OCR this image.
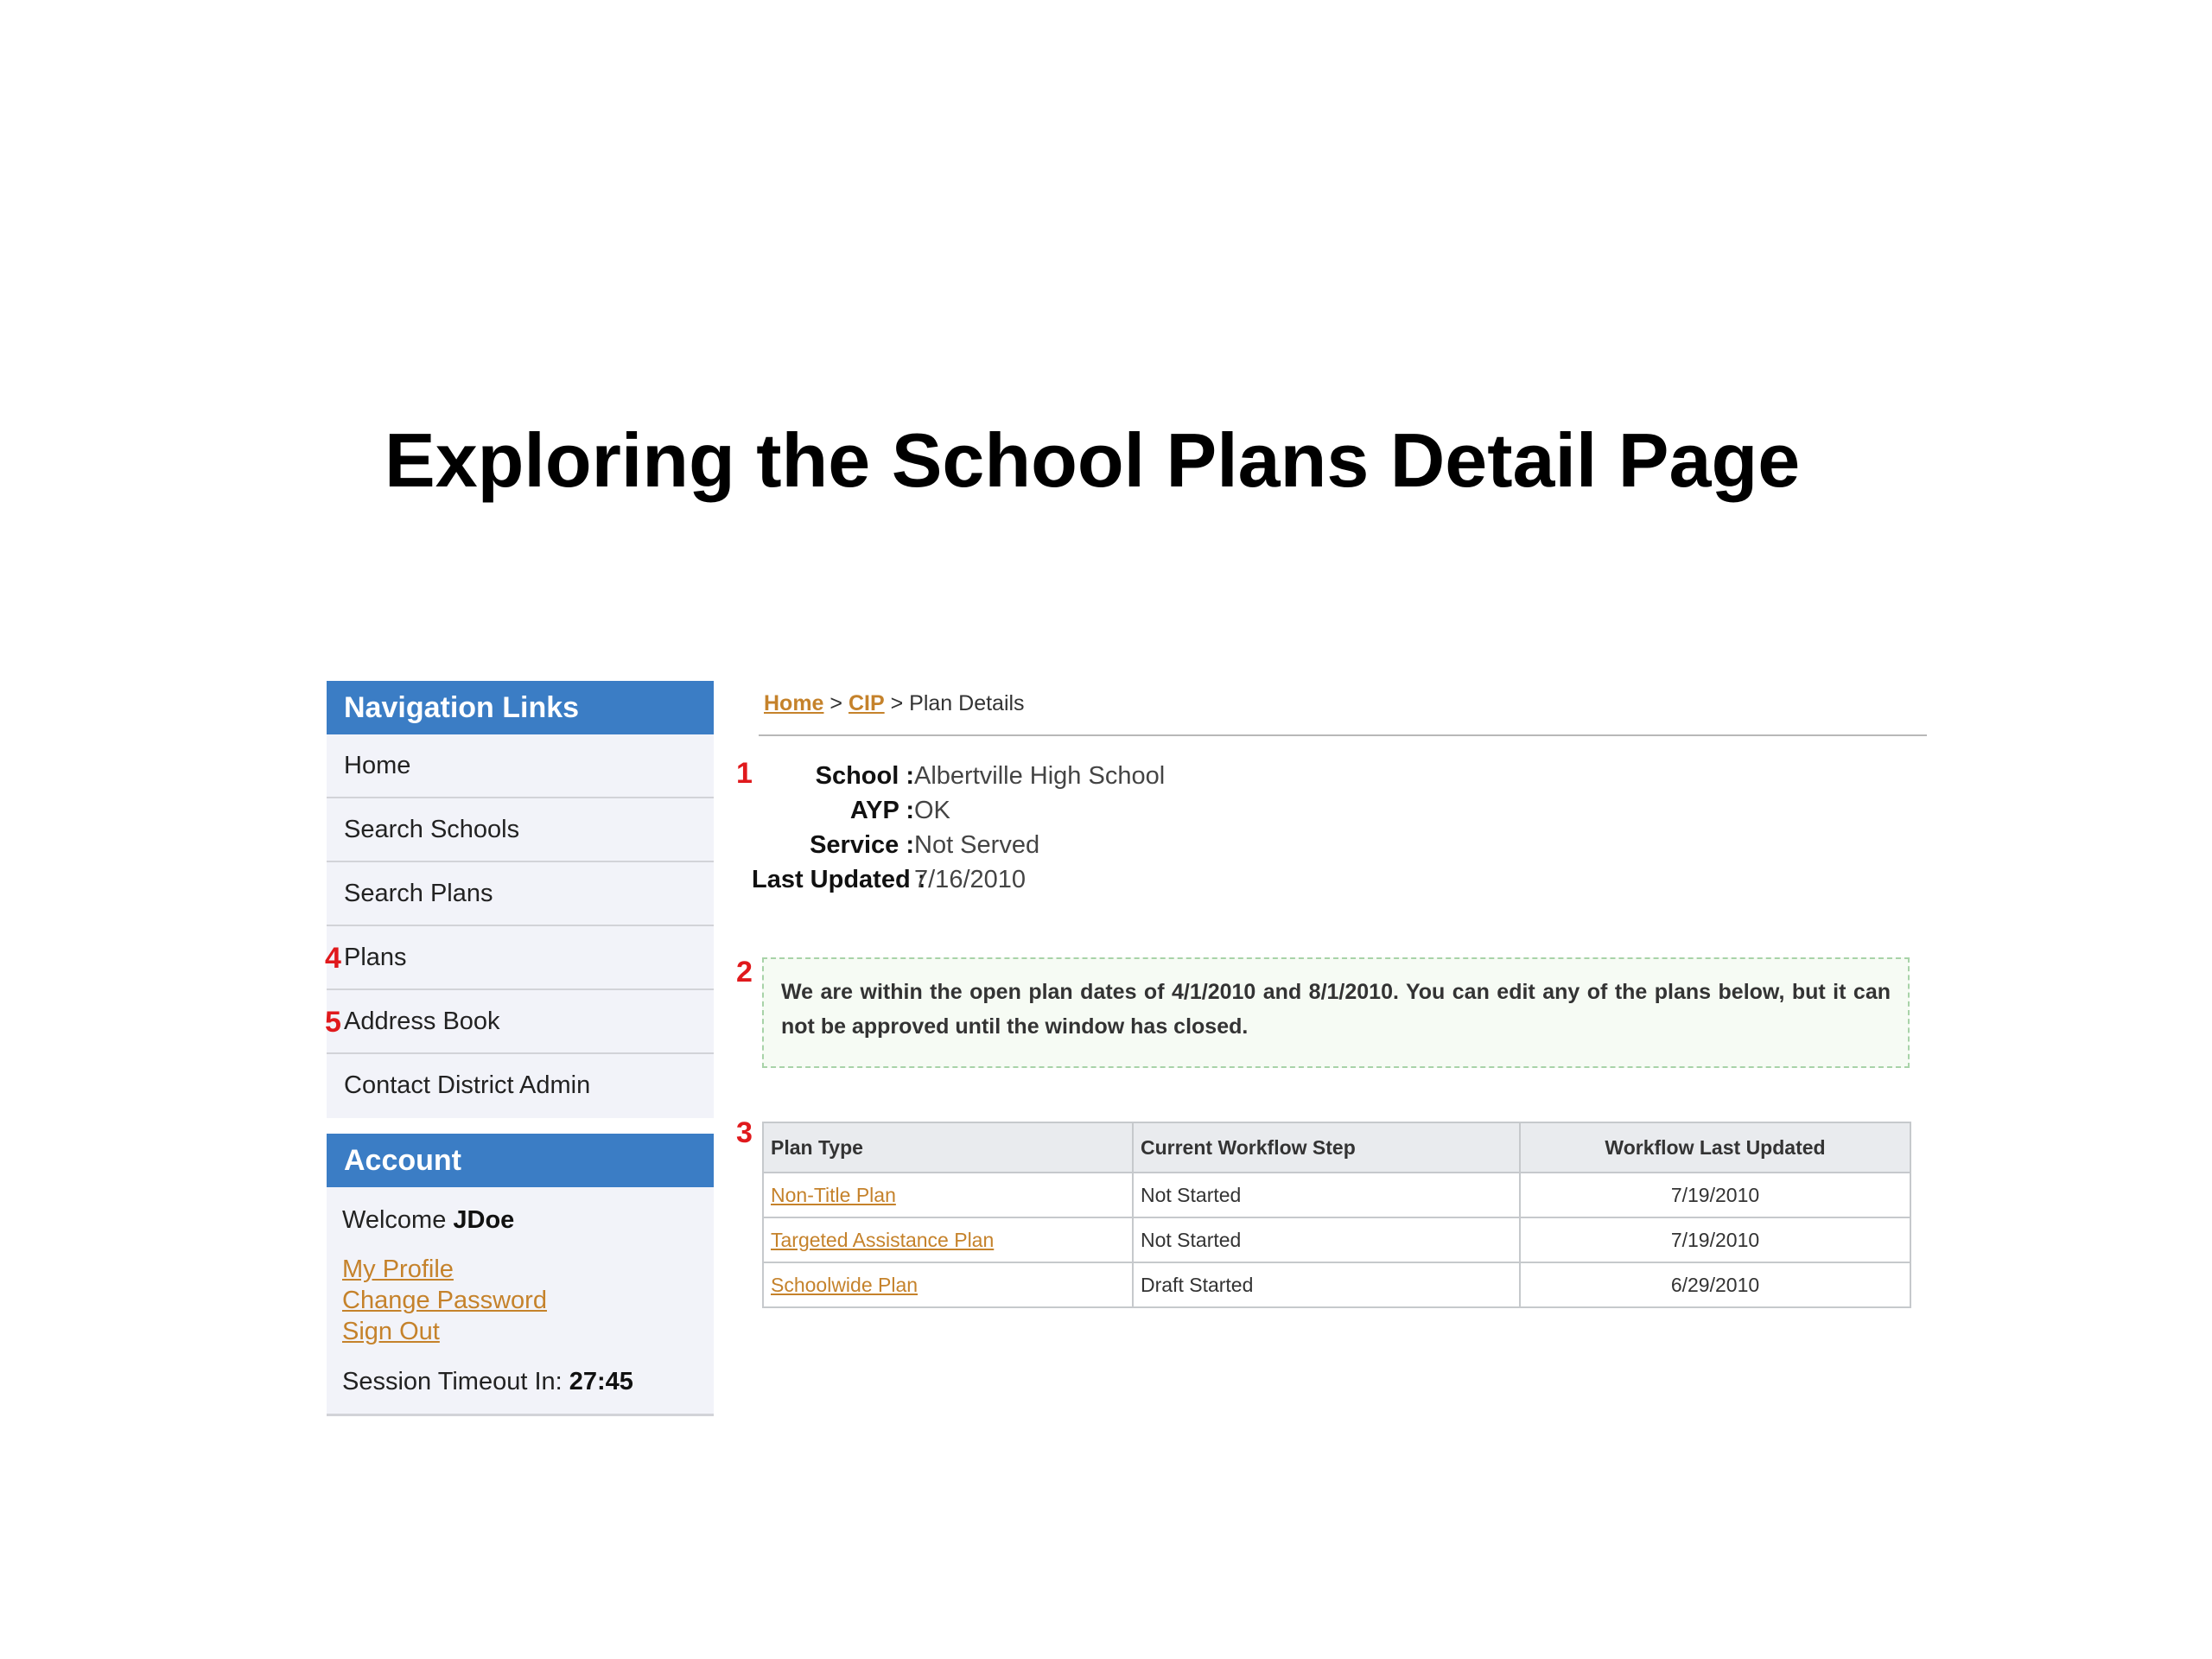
Exploring the School Plans Detail Page
Navigation Links
Home
Search Schools
Search Plans
4 Plans
5 Address Book
Contact District Admin
Account
Welcome JDoe
My Profile
Change Password
Sign Out
Session Timeout In: 27:45
Home > CIP > Plan Details
1	School :Albertville High School
AYP :OK
Service :Not Served
Last Updated :7/16/2010
2
We are within the open plan dates of 4/1/2010 and 8/1/2010. You can edit any of the plans below, but it can not be approved until the window has closed.
3 Plan Type	Current Workflow Step	Workflow Last Updated
Non-Title Plan	Not Started	7/19/2010
Targeted Assistance Plan	Not Started	7/19/2010
Schoolwide Plan	Draft Started	6/29/2010
